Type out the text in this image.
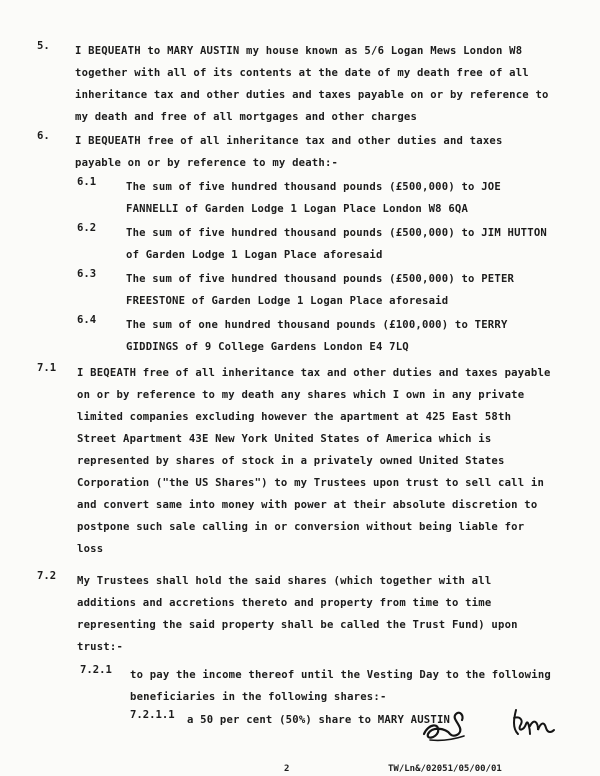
5. I BEQUEATH to MARY AUSTIN my house known as 5/6 Logan Mews London W8
together with all of its contents at the date of my death free of all
inheritance tax and other duties and taxes payable on or by reference to
my death and free of all mortgages and other charges
6. I BEQUEATH free of all inheritance tax and other duties and taxes
payable on or by reference to my death:-
6.1	The sum of five hundred thousand pounds (£500,000) to JOE
FANNELLI of Garden Lodge 1 Logan Place London W8 6QA
6.2	The sum of five hundred thousand pounds (£500,000) to JIM HUTTON
of Garden Lodge 1 Logan Place aforesaid
6.3	The sum of five hundred thousand pounds (£500,000) to PETER
FREESTONE of Garden Lodge 1 Logan Place aforesaid
6.4	The sum of one hundred thousand pounds (£100,000) to TERRY
GIDDINGS of 9 College Gardens London E4 7LQ
7.1 I BEQEATH free of all inheritance tax and other duties and taxes payable
on or by reference to my death any shares which I own in any private
limited companies excluding however the apartment at 425 East 58th
Street Apartment 43E New York United States of America which is
represented by shares of stock in a privately owned United States
Corporation ("the US Shares") to my Trustees upon trust to sell call in
and convert same into money with power at their absolute discretion to
postpone such sale calling in or conversion without being liable for
loss
7.2 My Trustees shall hold the said shares (which together with all
additions and accretions thereto and property from time to time
representing the said property shall be called the Trust Fund) upon
trust:-
7.2.1 to pay the income thereof until the Vesting Day to the following
beneficiaries in the following shares:-
7.2.1.1 a 50 per cent (50%) share to MARY AUSTIN
2	TW/Ln&/02051/05/00/01
